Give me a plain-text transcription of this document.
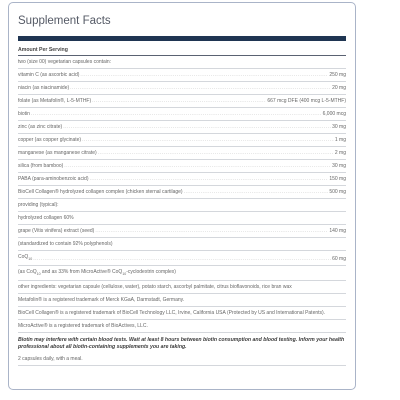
Supplement Facts
Amount Per Serving
two (size 00) vegetarian capsules contain:
vitamin C (as ascorbic acid) .....	250 mg
niacin (as niacinamide) .....	20 mg
folate (as Metafolin®, L-5-MTHF) .....	667 mcg DFE (400 mcg L-5-MTHF)
biotin .....	6,000 mcg
zinc (as zinc citrate) .....	30 mg
copper (as copper glycinate) .....	1 mg
manganese (as manganese citrate) .....	2 mg
silica (from bamboo) .....	30 mg
PABA (para-aminobenzoic acid) .....	150 mg
BioCell Collagen® hydrolyzed collagen complex (chicken sternal cartilage) .....	500 mg
providing (typical):
hydrolyzed collagen 60%
grape (Vitis vinifera) extract (seed) .....	140 mg
(standardized to contain 92% polyphenols)
CoQ$_{10}$ .....	60 mg
(as CoQ$_{10}$ and as 33% from MicroActive® CoQ$_{10}$-cyclodextrin complex)
other ingredients: vegetarian capsule (cellulose, water), potato starch, ascorbyl palmitate, citrus bioflavonoids, rice bran wax
Metafolin® is a registered trademark of Merck KGaA, Darmstadt, Germany.
BioCell Collagen® is a registered trademark of BioCell Technology LLC, Irvine, California USA (Protected by US and International Patents).
MicroActive® is a registered trademark of BioActives, LLC.
Biotin may interfere with certain blood tests. Wait at least 8 hours between biotin consumption and blood testing. Inform your health professional about all biotin-containing supplements you are taking.
2 capsules daily, with a meal.
